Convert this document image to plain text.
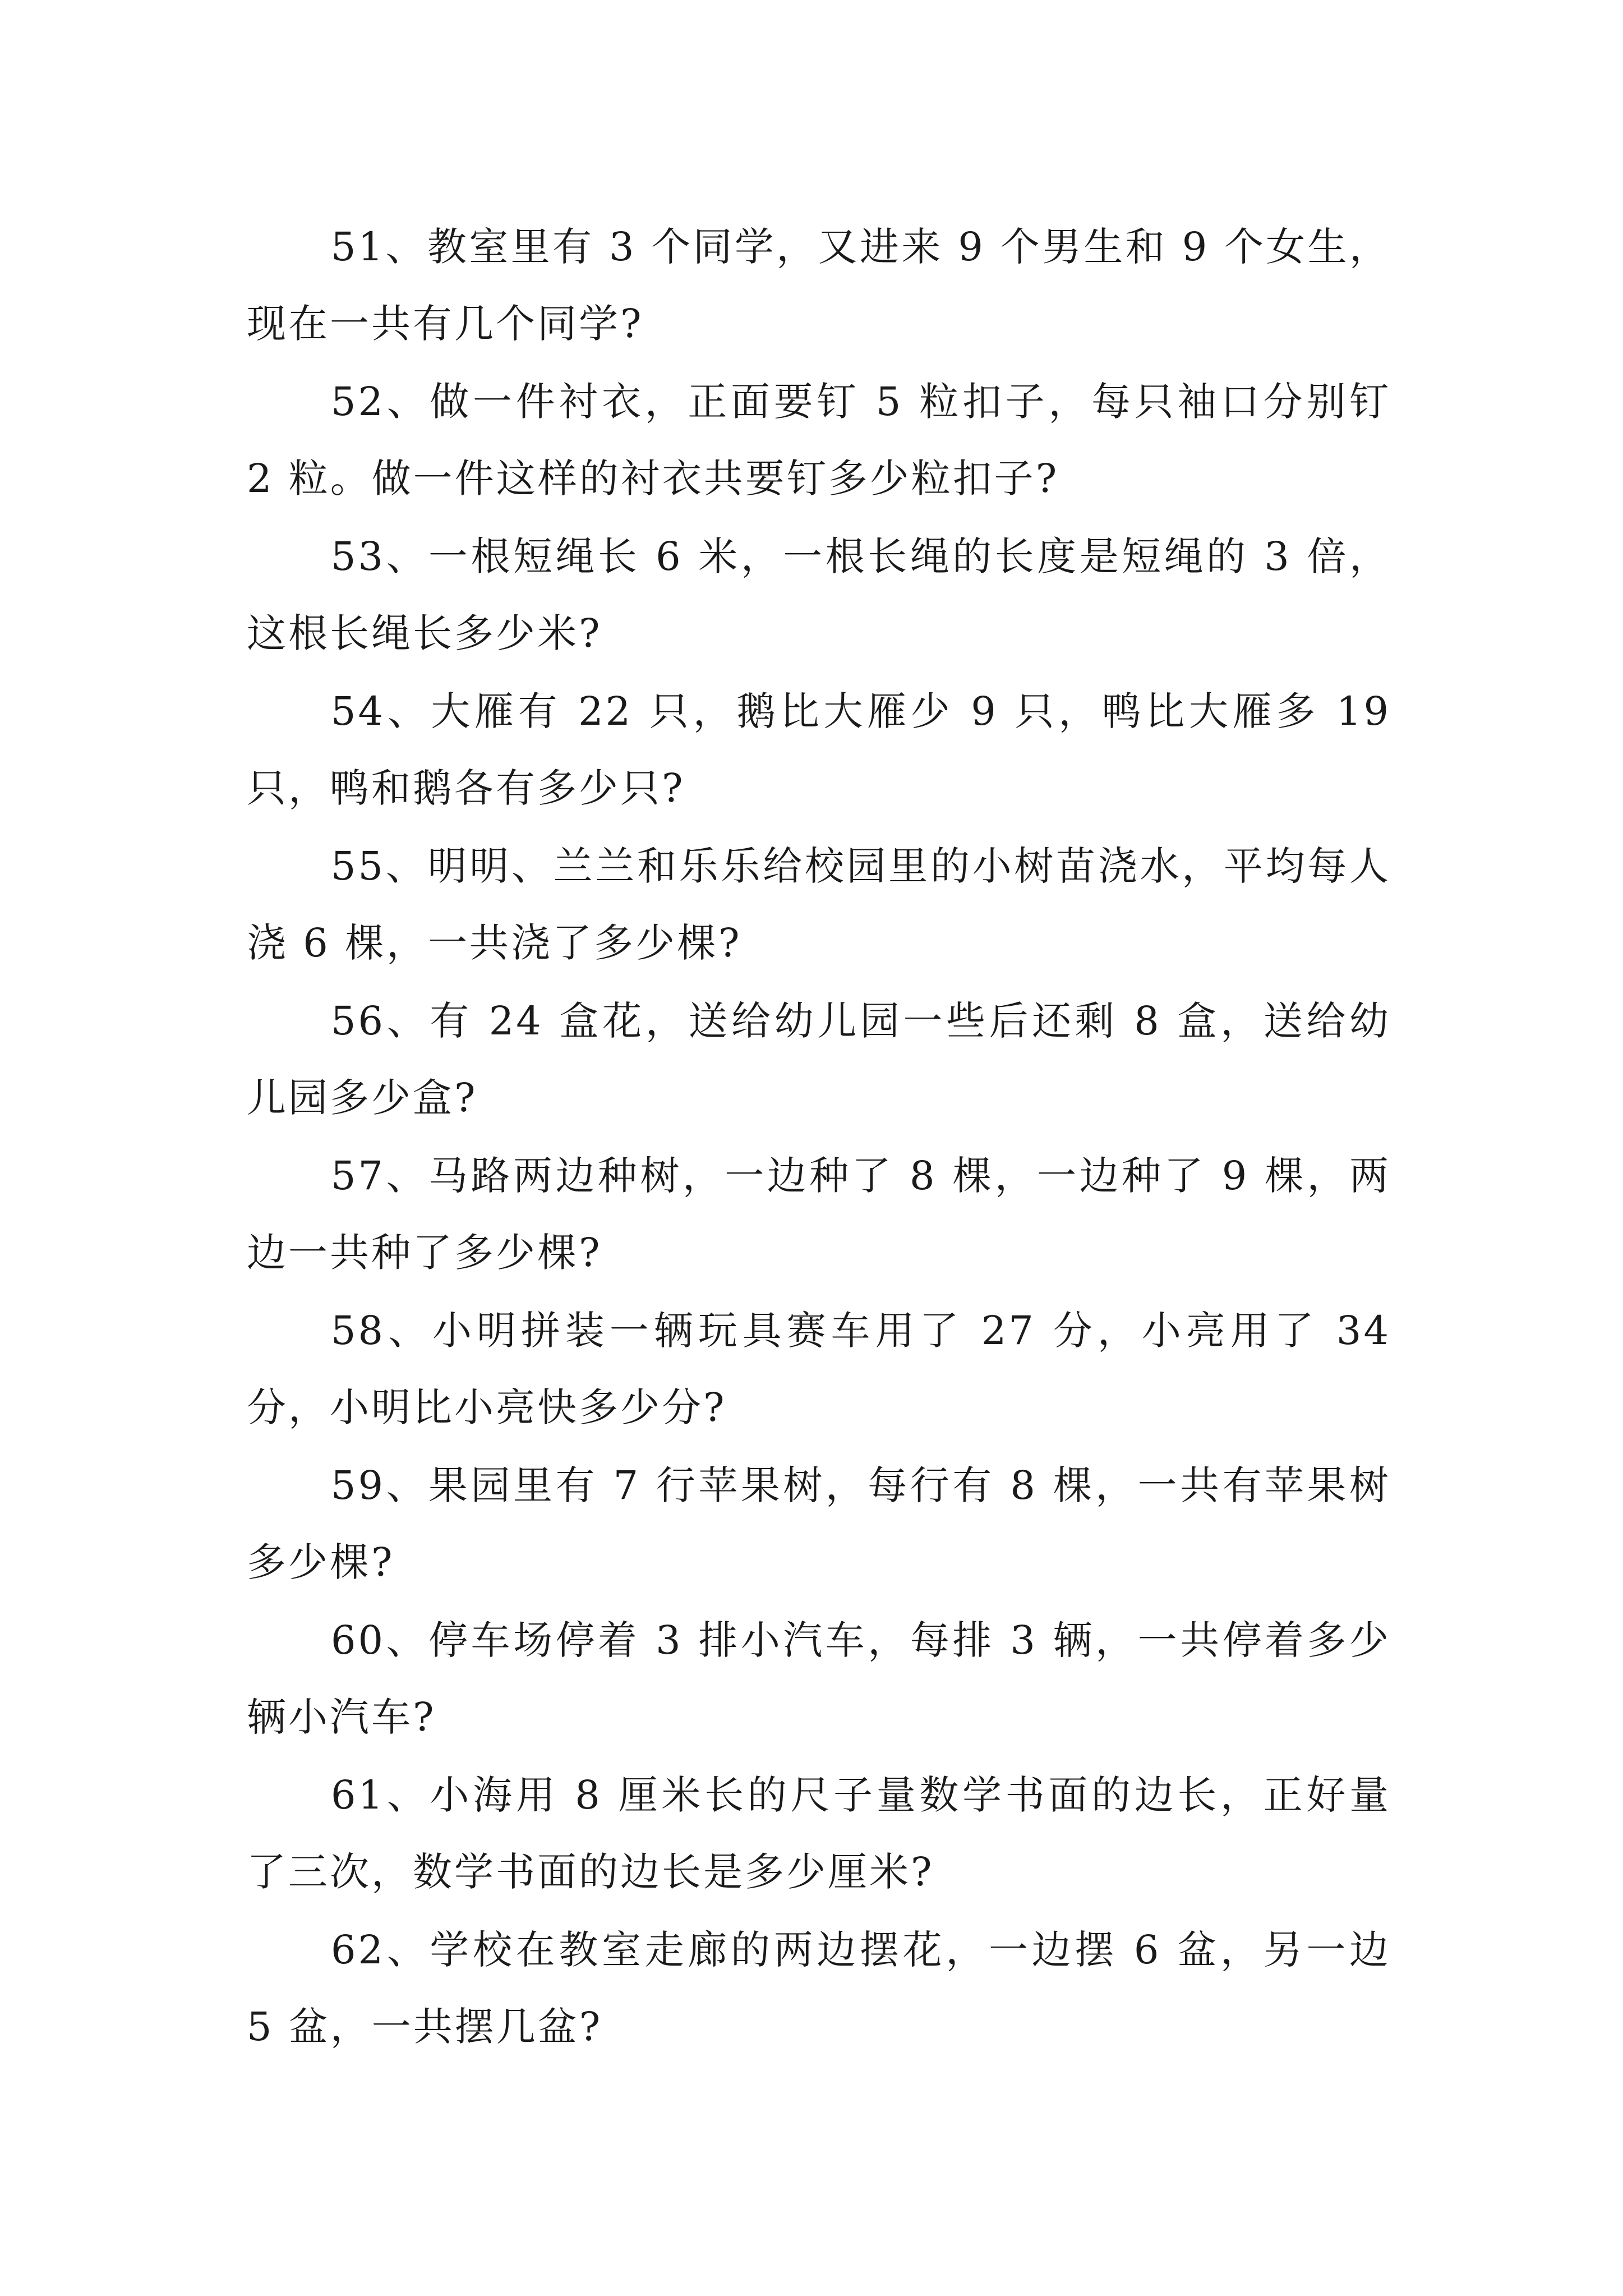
51、教室里有 3 个同学，又进来 9 个男生和 9 个女生，现在一共有几个同学?

52、做一件衬衣，正面要钉 5 粒扣子，每只袖口分别钉 2 粒。做一件这样的衬衣共要钉多少粒扣子?

53、一根短绳长 6 米，一根长绳的长度是短绳的 3 倍，这根长绳长多少米?

54、大雁有 22 只，鹅比大雁少 9 只，鸭比大雁多 19 只，鸭和鹅各有多少只?

55、明明、兰兰和乐乐给校园里的小树苗浇水，平均每人浇 6 棵，一共浇了多少棵?

56、有 24 盒花，送给幼儿园一些后还剩 8 盒，送给幼儿园多少盒?

57、马路两边种树，一边种了 8 棵，一边种了 9 棵，两边一共种了多少棵?

58、小明拼装一辆玩具赛车用了 27 分，小亮用了 34 分，小明比小亮快多少分?

59、果园里有 7 行苹果树，每行有 8 棵，一共有苹果树多少棵?

60、停车场停着 3 排小汽车，每排 3 辆，一共停着多少辆小汽车?

61、小海用 8 厘米长的尺子量数学书面的边长，正好量了三次，数学书面的边长是多少厘米?

62、学校在教室走廊的两边摆花，一边摆 6 盆，另一边 5 盆，一共摆几盆?
